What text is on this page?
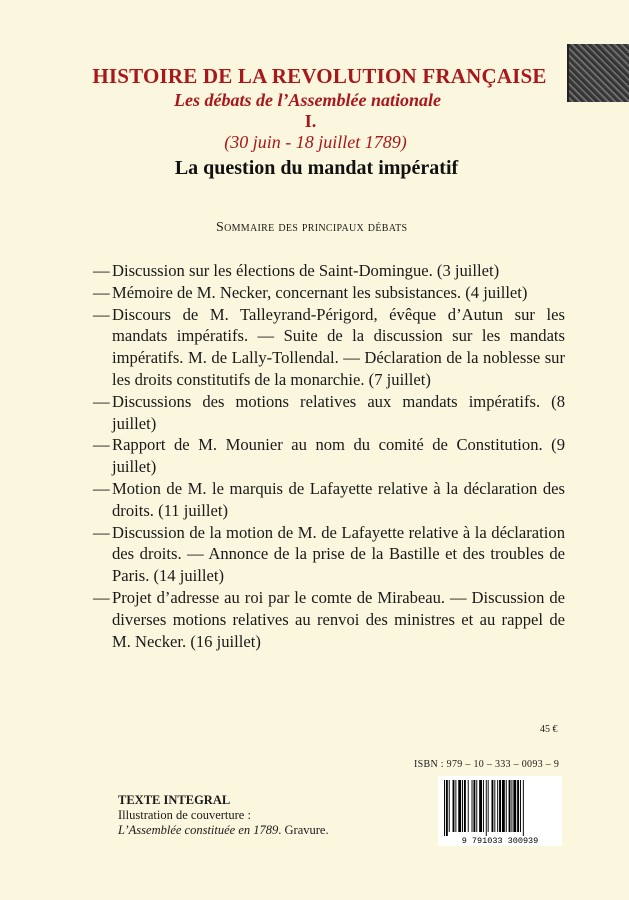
HISTOIRE DE LA REVOLUTION FRANÇAISE
Les débats de l’Assemblée nationale
I.
(30 juin - 18 juillet 1789)
La question du mandat impératif
Sommaire des principaux débats
— Discussion sur les élections de Saint-Domingue. (3 juillet)
— Mémoire de M. Necker, concernant les subsistances. (4 juillet)
— Discours de M. Talleyrand-Périgord, évêque d’Autun sur les mandats impératifs. — Suite de la discussion sur les mandats impératifs. M. de Lally-Tollendal. — Déclaration de la noblesse sur les droits constitutifs de la monarchie. (7 juillet)
— Discussions des motions relatives aux mandats impératifs. (8 juillet)
— Rapport de M. Mounier au nom du comité de Constitution. (9 juillet)
— Motion de M. le marquis de Lafayette relative à la déclaration des droits. (11 juillet)
— Discussion de la motion de M. de Lafayette relative à la déclaration des droits. — Annonce de la prise de la Bastille et des troubles de Paris. (14 juillet)
— Projet d’adresse au roi par le comte de Mirabeau. — Discussion de diverses motions relatives au renvoi des ministres et au rappel de M. Necker. (16 juillet)
45 €
ISBN : 979 – 10 – 333 – 0093 – 9
TEXTE INTEGRAL
Illustration de couverture :
L’Assemblée constituée en 1789. Gravure.
9 791033 300939
